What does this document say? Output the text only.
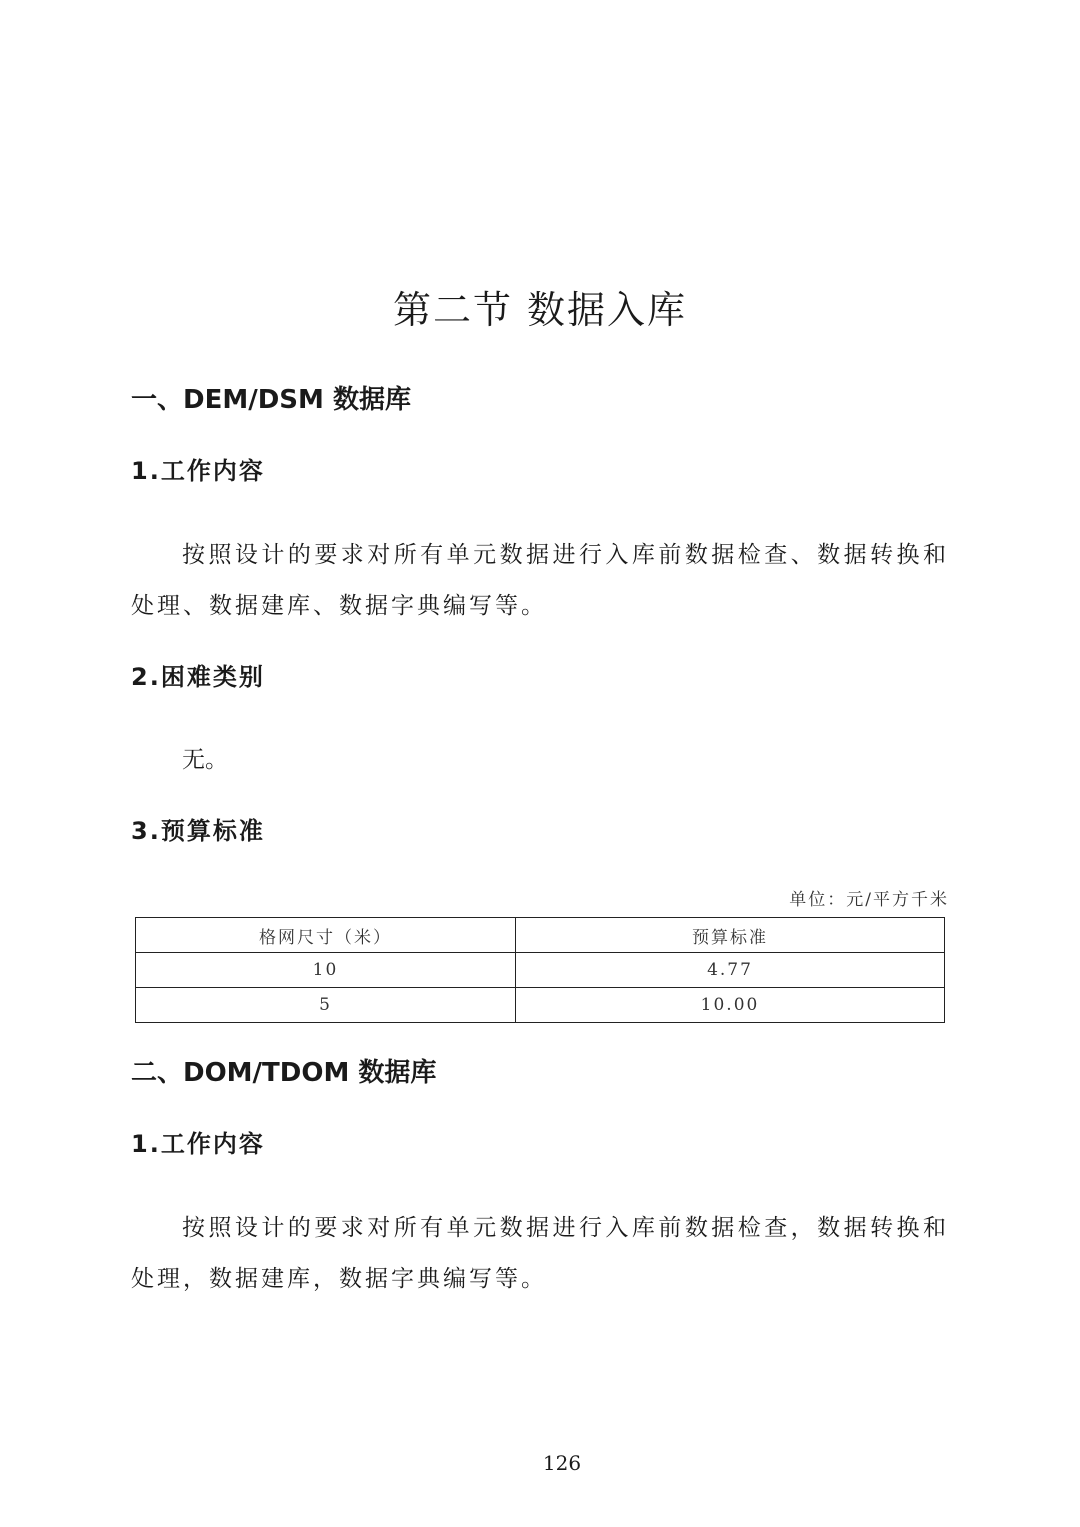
第二节 数据入库
一、DEM/DSM 数据库
1.工作内容

按照设计的要求对所有单元数据进行入库前数据检查、数据转换和处理、数据建库、数据字典编写等。

2.困难类别

无。

3.预算标准
单位：元/平方千米
格网尺寸（米）	预算标准
10	4.77
5	10.00
二、DOM/TDOM 数据库
1.工作内容

按照设计的要求对所有单元数据进行入库前数据检查，数据转换和处理，数据建库，数据字典编写等。

126
